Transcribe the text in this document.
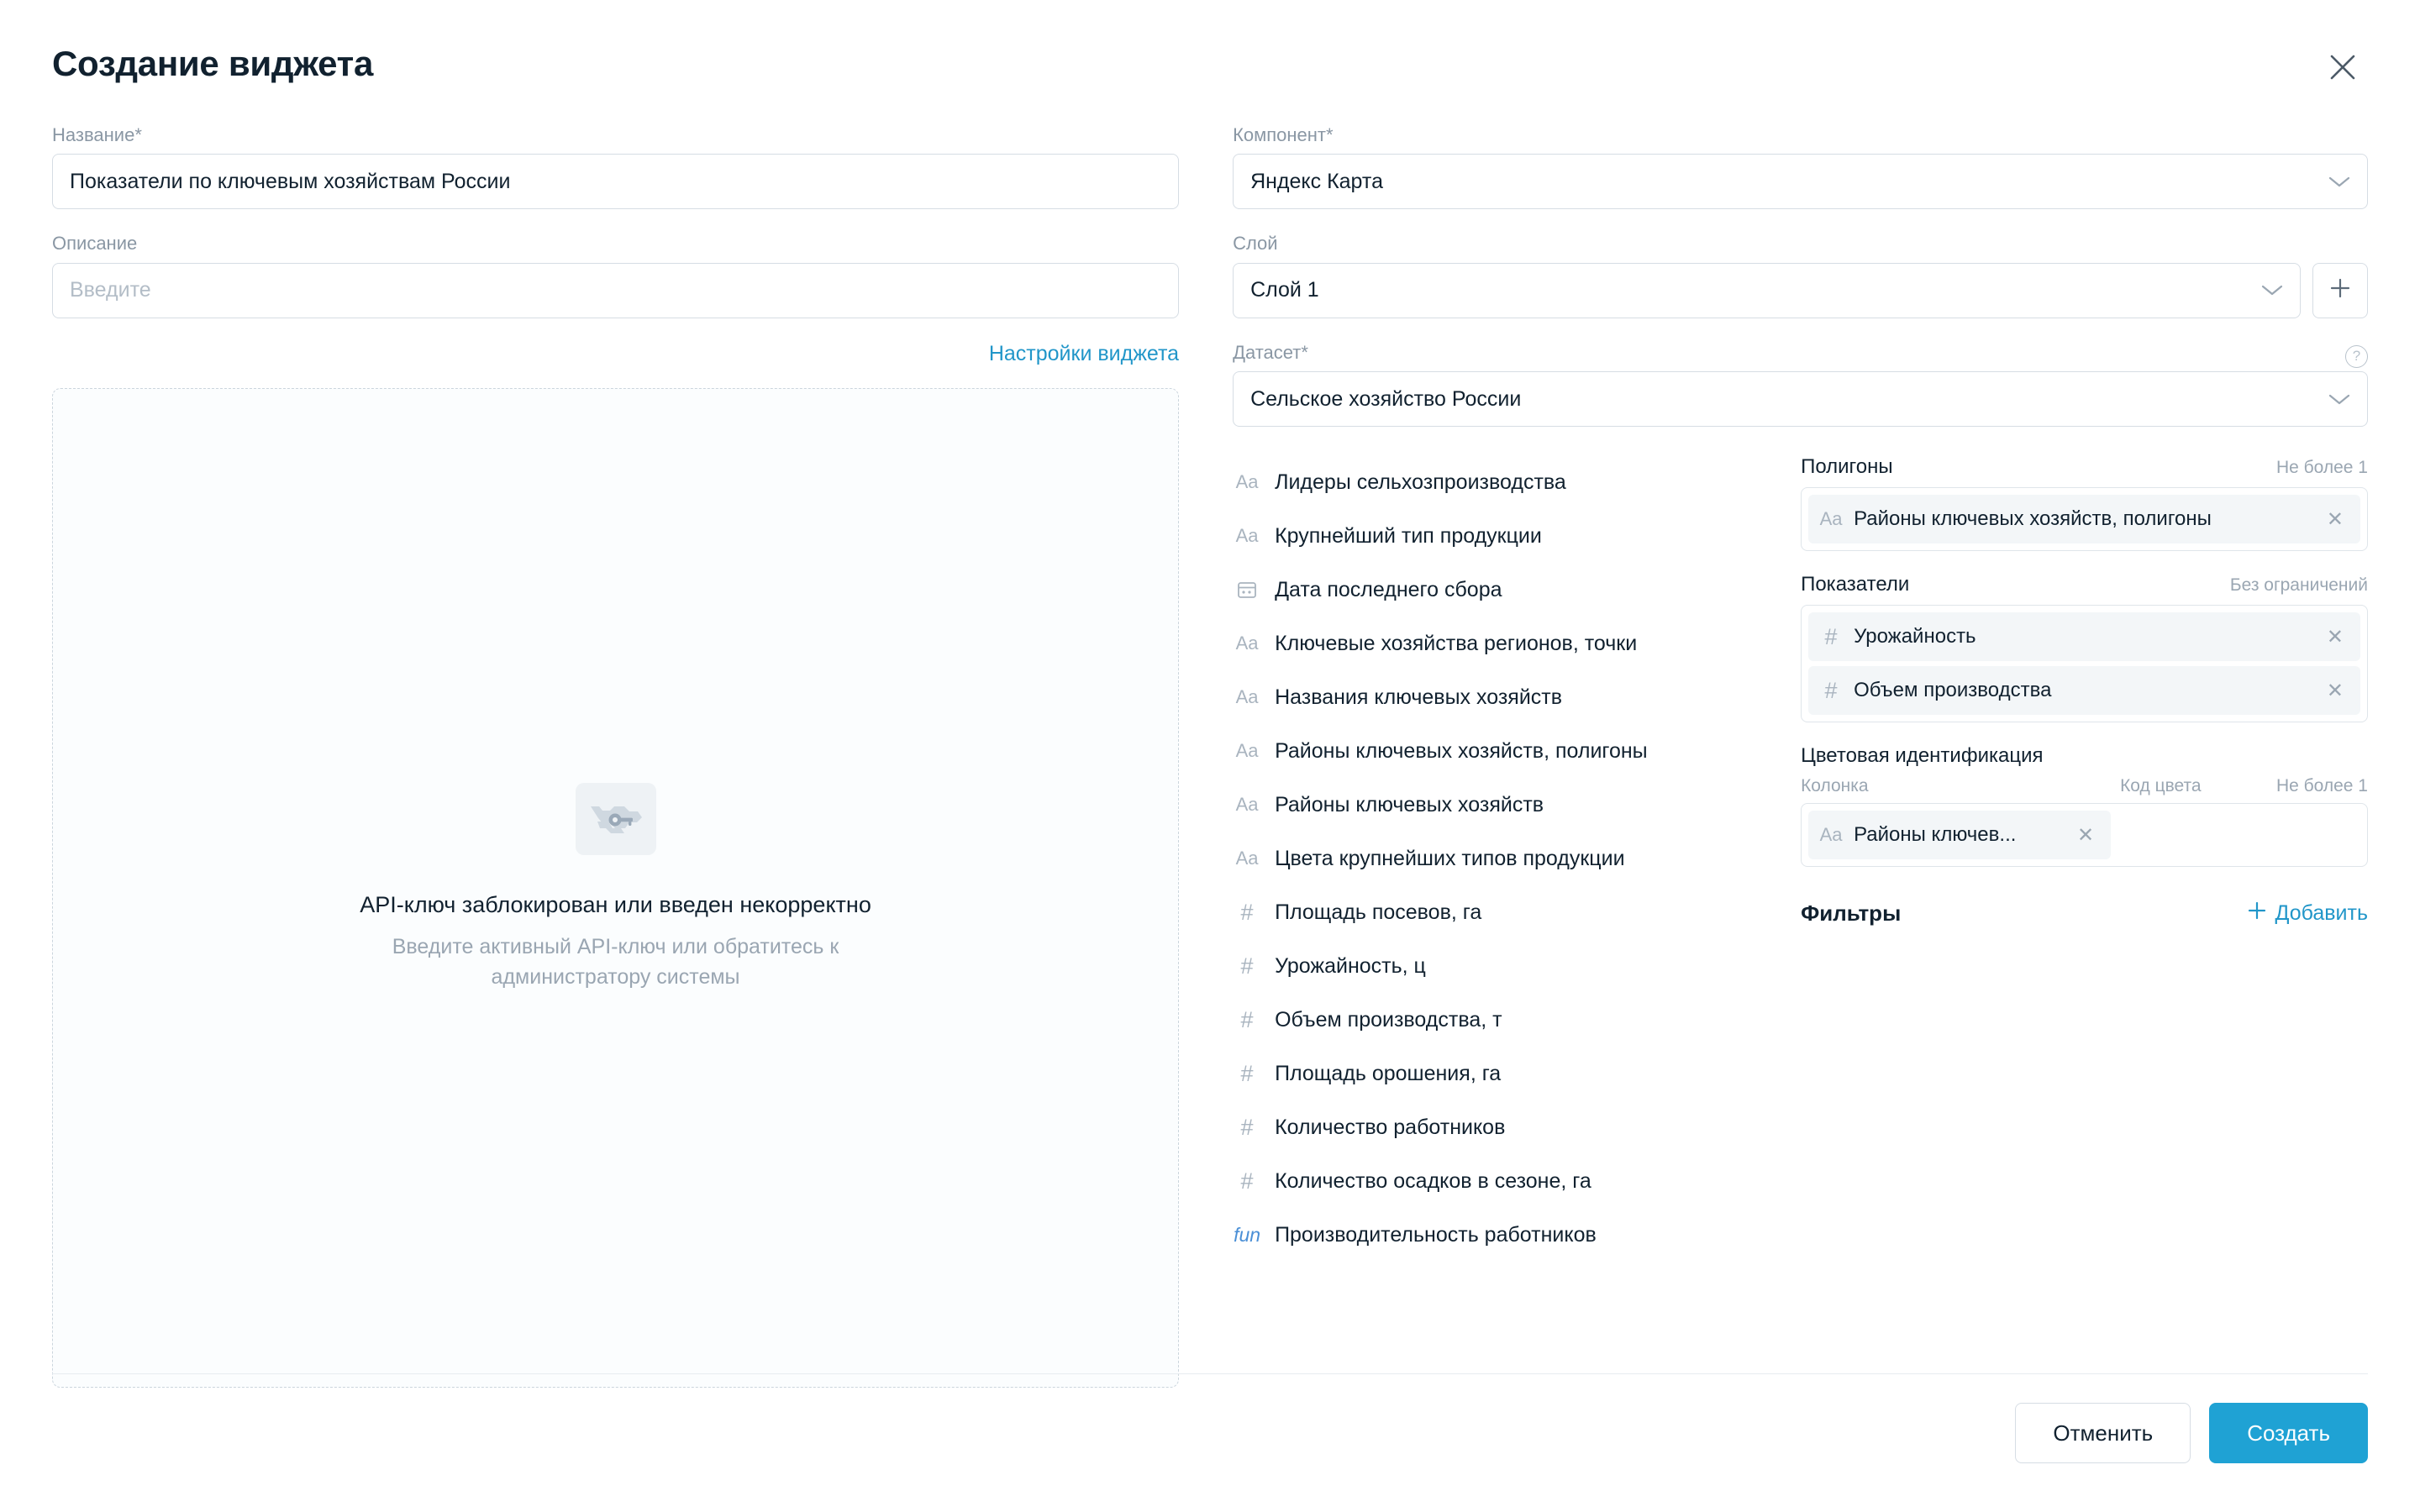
Создание виджета
Название*
Показатели по ключевым хозяйствам России
Описание
Введите
Настройки виджета
API-ключ заблокирован или введен некорректно
Введите активный API-ключ или обратитесь к администратору системы
Компонент*
Яндекс Карта
Слой
Слой 1
Датасет*	?
Сельское хозяйство России
Aa Лидеры сельхозпроизводства
Aa Крупнейший тип продукции
Дата последнего сбора
Aa Ключевые хозяйства регионов, точки
Aa Названия ключевых хозяйств
Aa Районы ключевых хозяйств, полигоны
Aa Районы ключевых хозяйств
Aa Цвета крупнейших типов продукции
#	Площадь посевов, га
#	Урожайность, ц
#	Объем производства, т
#	Площадь орошения, га
#	Количество работников
#	Количество осадков в сезоне, га
fun Производительность работников
Полигоны	Не более 1
Aa Районы ключевых хозяйств, полигоны	✕
Показатели	Без ограничений
# Урожайность	✕
# Объем производства	✕
Цветовая идентификация
Колонка	Код цвета	Не более 1
Aa Районы ключев...	✕
Фильтры	Добавить
Отменить	Создать
